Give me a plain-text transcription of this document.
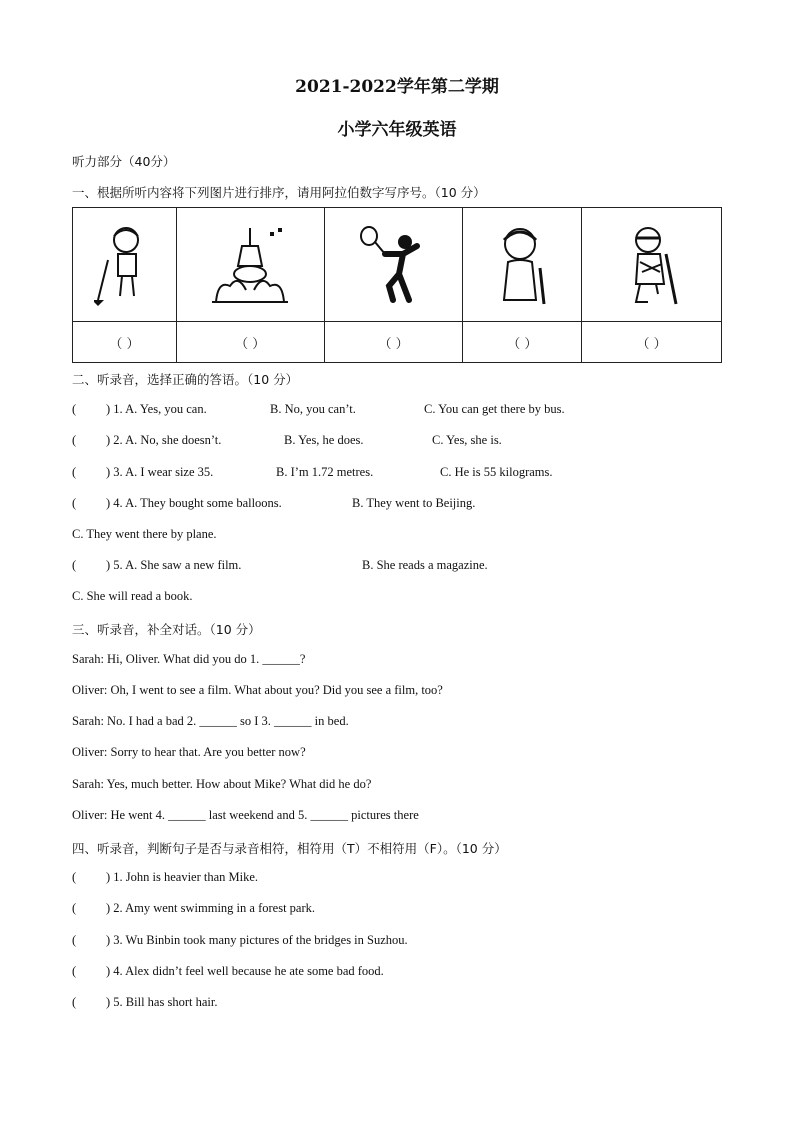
2021-2022学年第二学期
小学六年级英语
听力部分（40分）
一、根据所听内容将下列图片进行排序，请用阿拉伯数字写序号。（10 分）

（ ）	（ ）	（ ）	（ ）	（ ）
二、听录音，选择正确的答语。（10 分）
( ) 1. A. Yes, you can.	B. No, you can’t.	C. You can get there by bus.
( ) 2. A. No, she doesn’t.	B. Yes, he does.	C. Yes, she is.
( ) 3. A. I wear size 35.	B. I’m 1.72 metres.	C. He is 55 kilograms.
( ) 4. A. They bought some balloons.	B. They went to Beijing.
C. They went there by plane.
( ) 5. A. She saw a new film.	B. She reads a magazine.
C. She will read a book.
三、听录音，补全对话。（10 分）
Sarah: Hi, Oliver. What did you do 1. ______?
Oliver: Oh, I went to see a film. What about you? Did you see a film, too?
Sarah: No. I had a bad 2. ______ so I 3. ______ in bed.
Oliver: Sorry to hear that. Are you better now?
Sarah: Yes, much better. How about Mike? What did he do?
Oliver: He went 4. ______ last weekend and 5. ______ pictures there
四、听录音，判断句子是否与录音相符，相符用（T）不相符用（F）。（10 分）
( ) 1. John is heavier than Mike.
( ) 2. Amy went swimming in a forest park.
( ) 3. Wu Binbin took many pictures of the bridges in Suzhou.
( ) 4. Alex didn’t feel well because he ate some bad food.
( ) 5. Bill has short hair.
